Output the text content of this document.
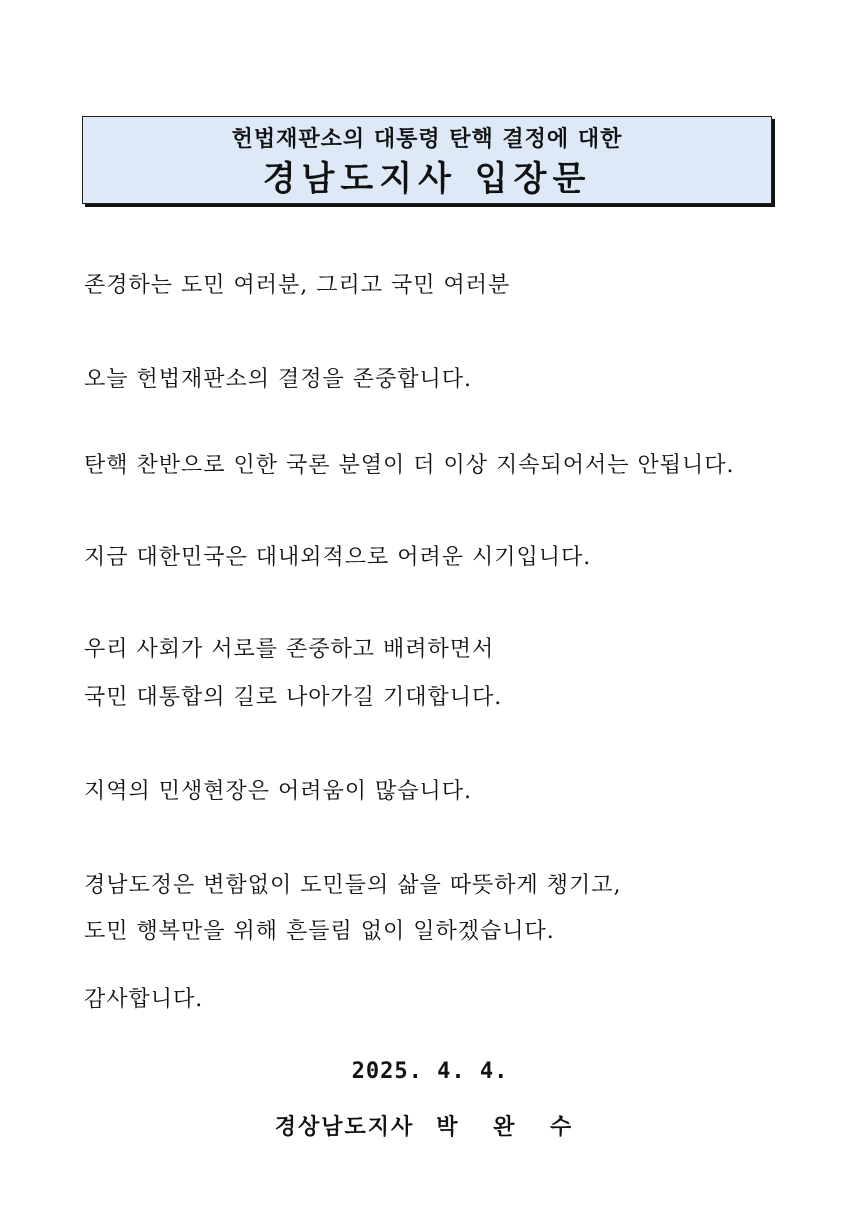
헌법재판소의 대통령 탄핵 결정에 대한
경남도지사 입장문
존경하는 도민 여러분, 그리고 국민 여러분
오늘 헌법재판소의 결정을 존중합니다.
탄핵 찬반으로 인한 국론 분열이 더 이상 지속되어서는 안됩니다.
지금 대한민국은 대내외적으로 어려운 시기입니다.
우리 사회가 서로를 존중하고 배려하면서
국민 대통합의 길로 나아가길 기대합니다.
지역의 민생현장은 어려움이 많습니다.
경남도정은 변함없이 도민들의 삶을 따뜻하게 챙기고,
도민 행복만을 위해 흔들림 없이 일하겠습니다.
감사합니다.
2025. 4. 4.
경상남도지사 박 완 수
